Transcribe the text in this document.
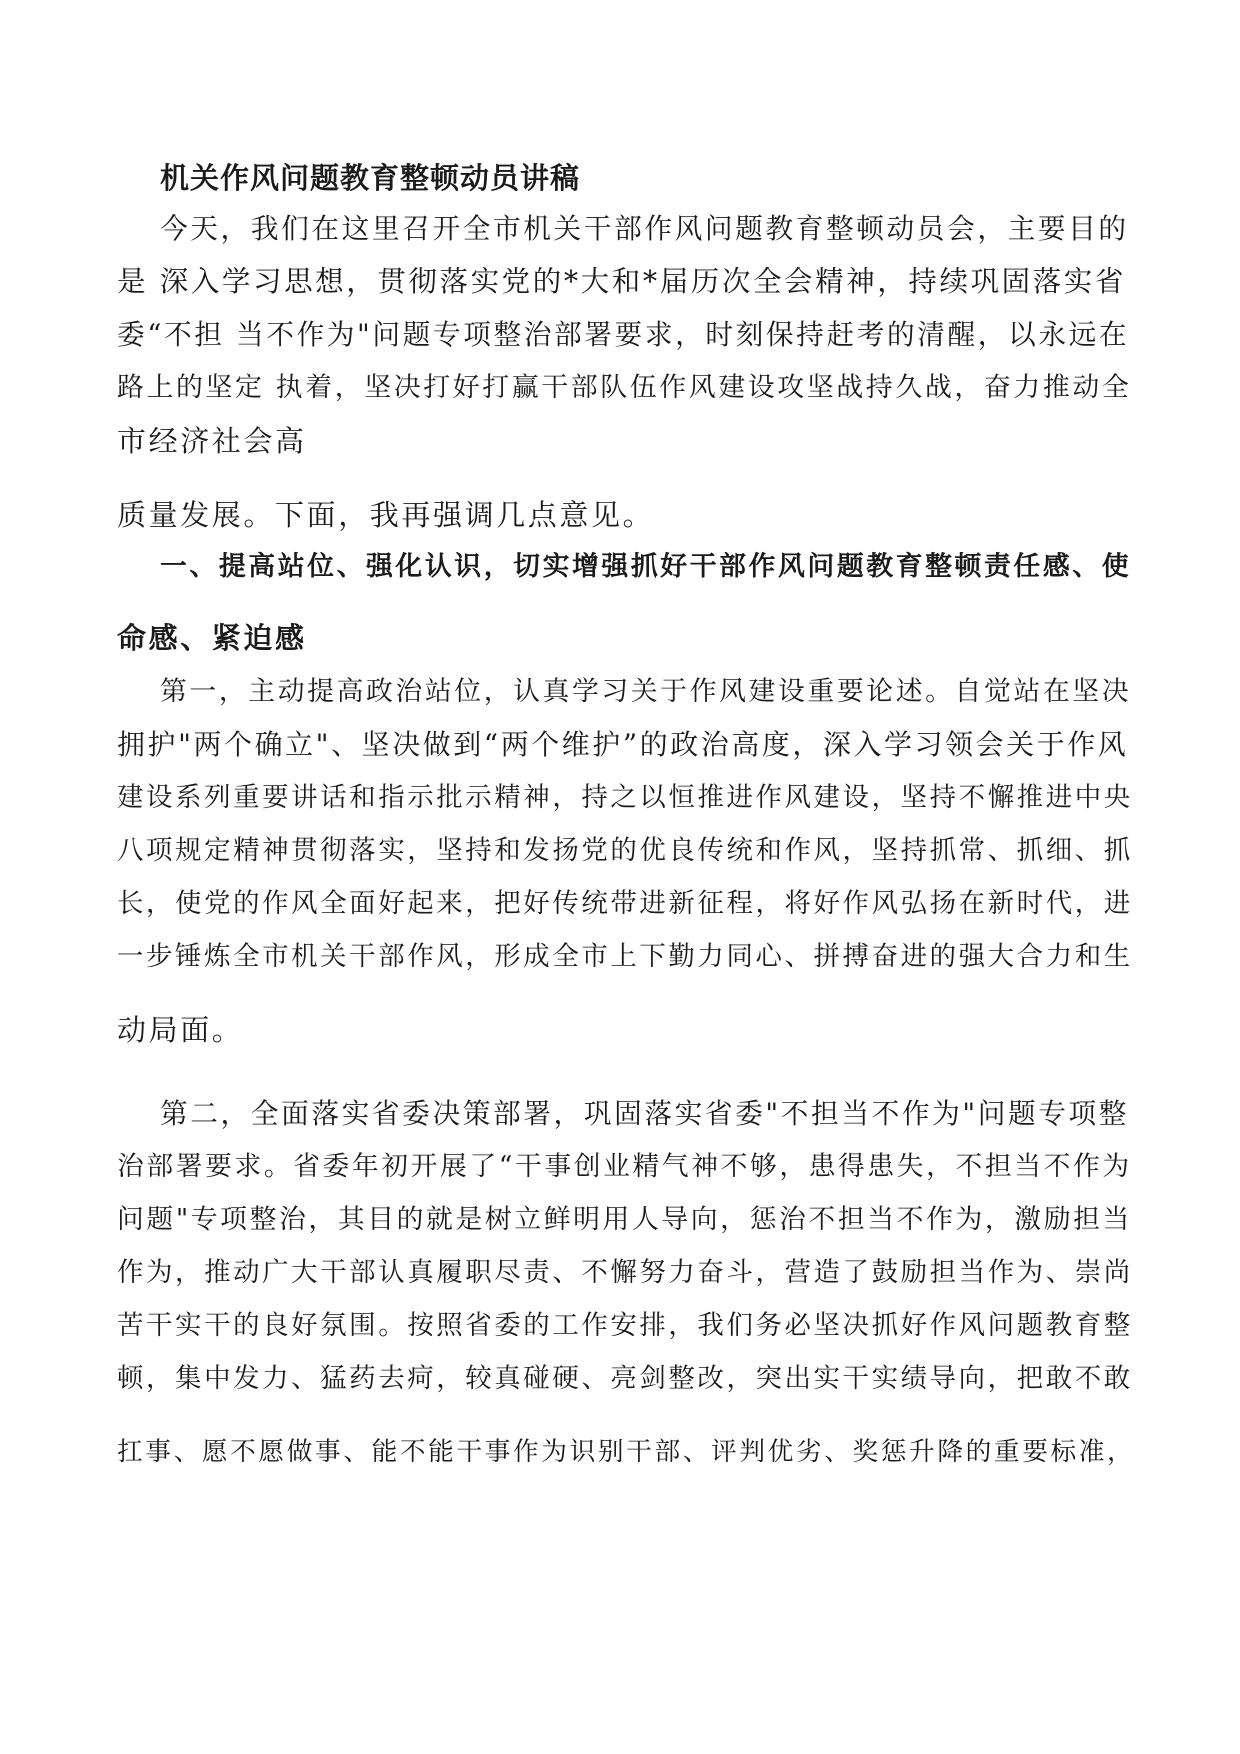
机关作风问题教育整顿动员讲稿
今天，我们在这里召开全市机关干部作风问题教育整顿动员会，主要目的
是 深入学习思想，贯彻落实党的*大和*届历次全会精神，持续巩固落实省
委“不担 当不作为"问题专项整治部署要求，时刻保持赶考的清醒，以永远在
路上的坚定 执着，坚决打好打赢干部队伍作风建设攻坚战持久战，奋力推动全
市经济社会高
质量发展。下面，我再强调几点意见。
一、提高站位、强化认识，切实增强抓好干部作风问题教育整顿责任感、使
命感、紧迫感
第一，主动提高政治站位，认真学习关于作风建设重要论述。自觉站在坚决
拥护"两个确立"、坚决做到“两个维护”的政治高度，深入学习领会关于作风
建设系列重要讲话和指示批示精神，持之以恒推进作风建设，坚持不懈推进中央
八项规定精神贯彻落实，坚持和发扬党的优良传统和作风，坚持抓常、抓细、抓
长，使党的作风全面好起来，把好传统带进新征程，将好作风弘扬在新时代，进
一步锤炼全市机关干部作风，形成全市上下勤力同心、拼搏奋进的强大合力和生
动局面。
第二，全面落实省委决策部署，巩固落实省委"不担当不作为"问题专项整
治部署要求。省委年初开展了“干事创业精气神不够，患得患失，不担当不作为
问题"专项整治，其目的就是树立鲜明用人导向，惩治不担当不作为，激励担当
作为，推动广大干部认真履职尽责、不懈努力奋斗，营造了鼓励担当作为、崇尚
苦干实干的良好氛围。按照省委的工作安排，我们务必坚决抓好作风问题教育整
顿，集中发力、猛药去疴，较真碰硬、亮剑整改，突出实干实绩导向，把敢不敢
扛事、愿不愿做事、能不能干事作为识别干部、评判优劣、奖惩升降的重要标准，
